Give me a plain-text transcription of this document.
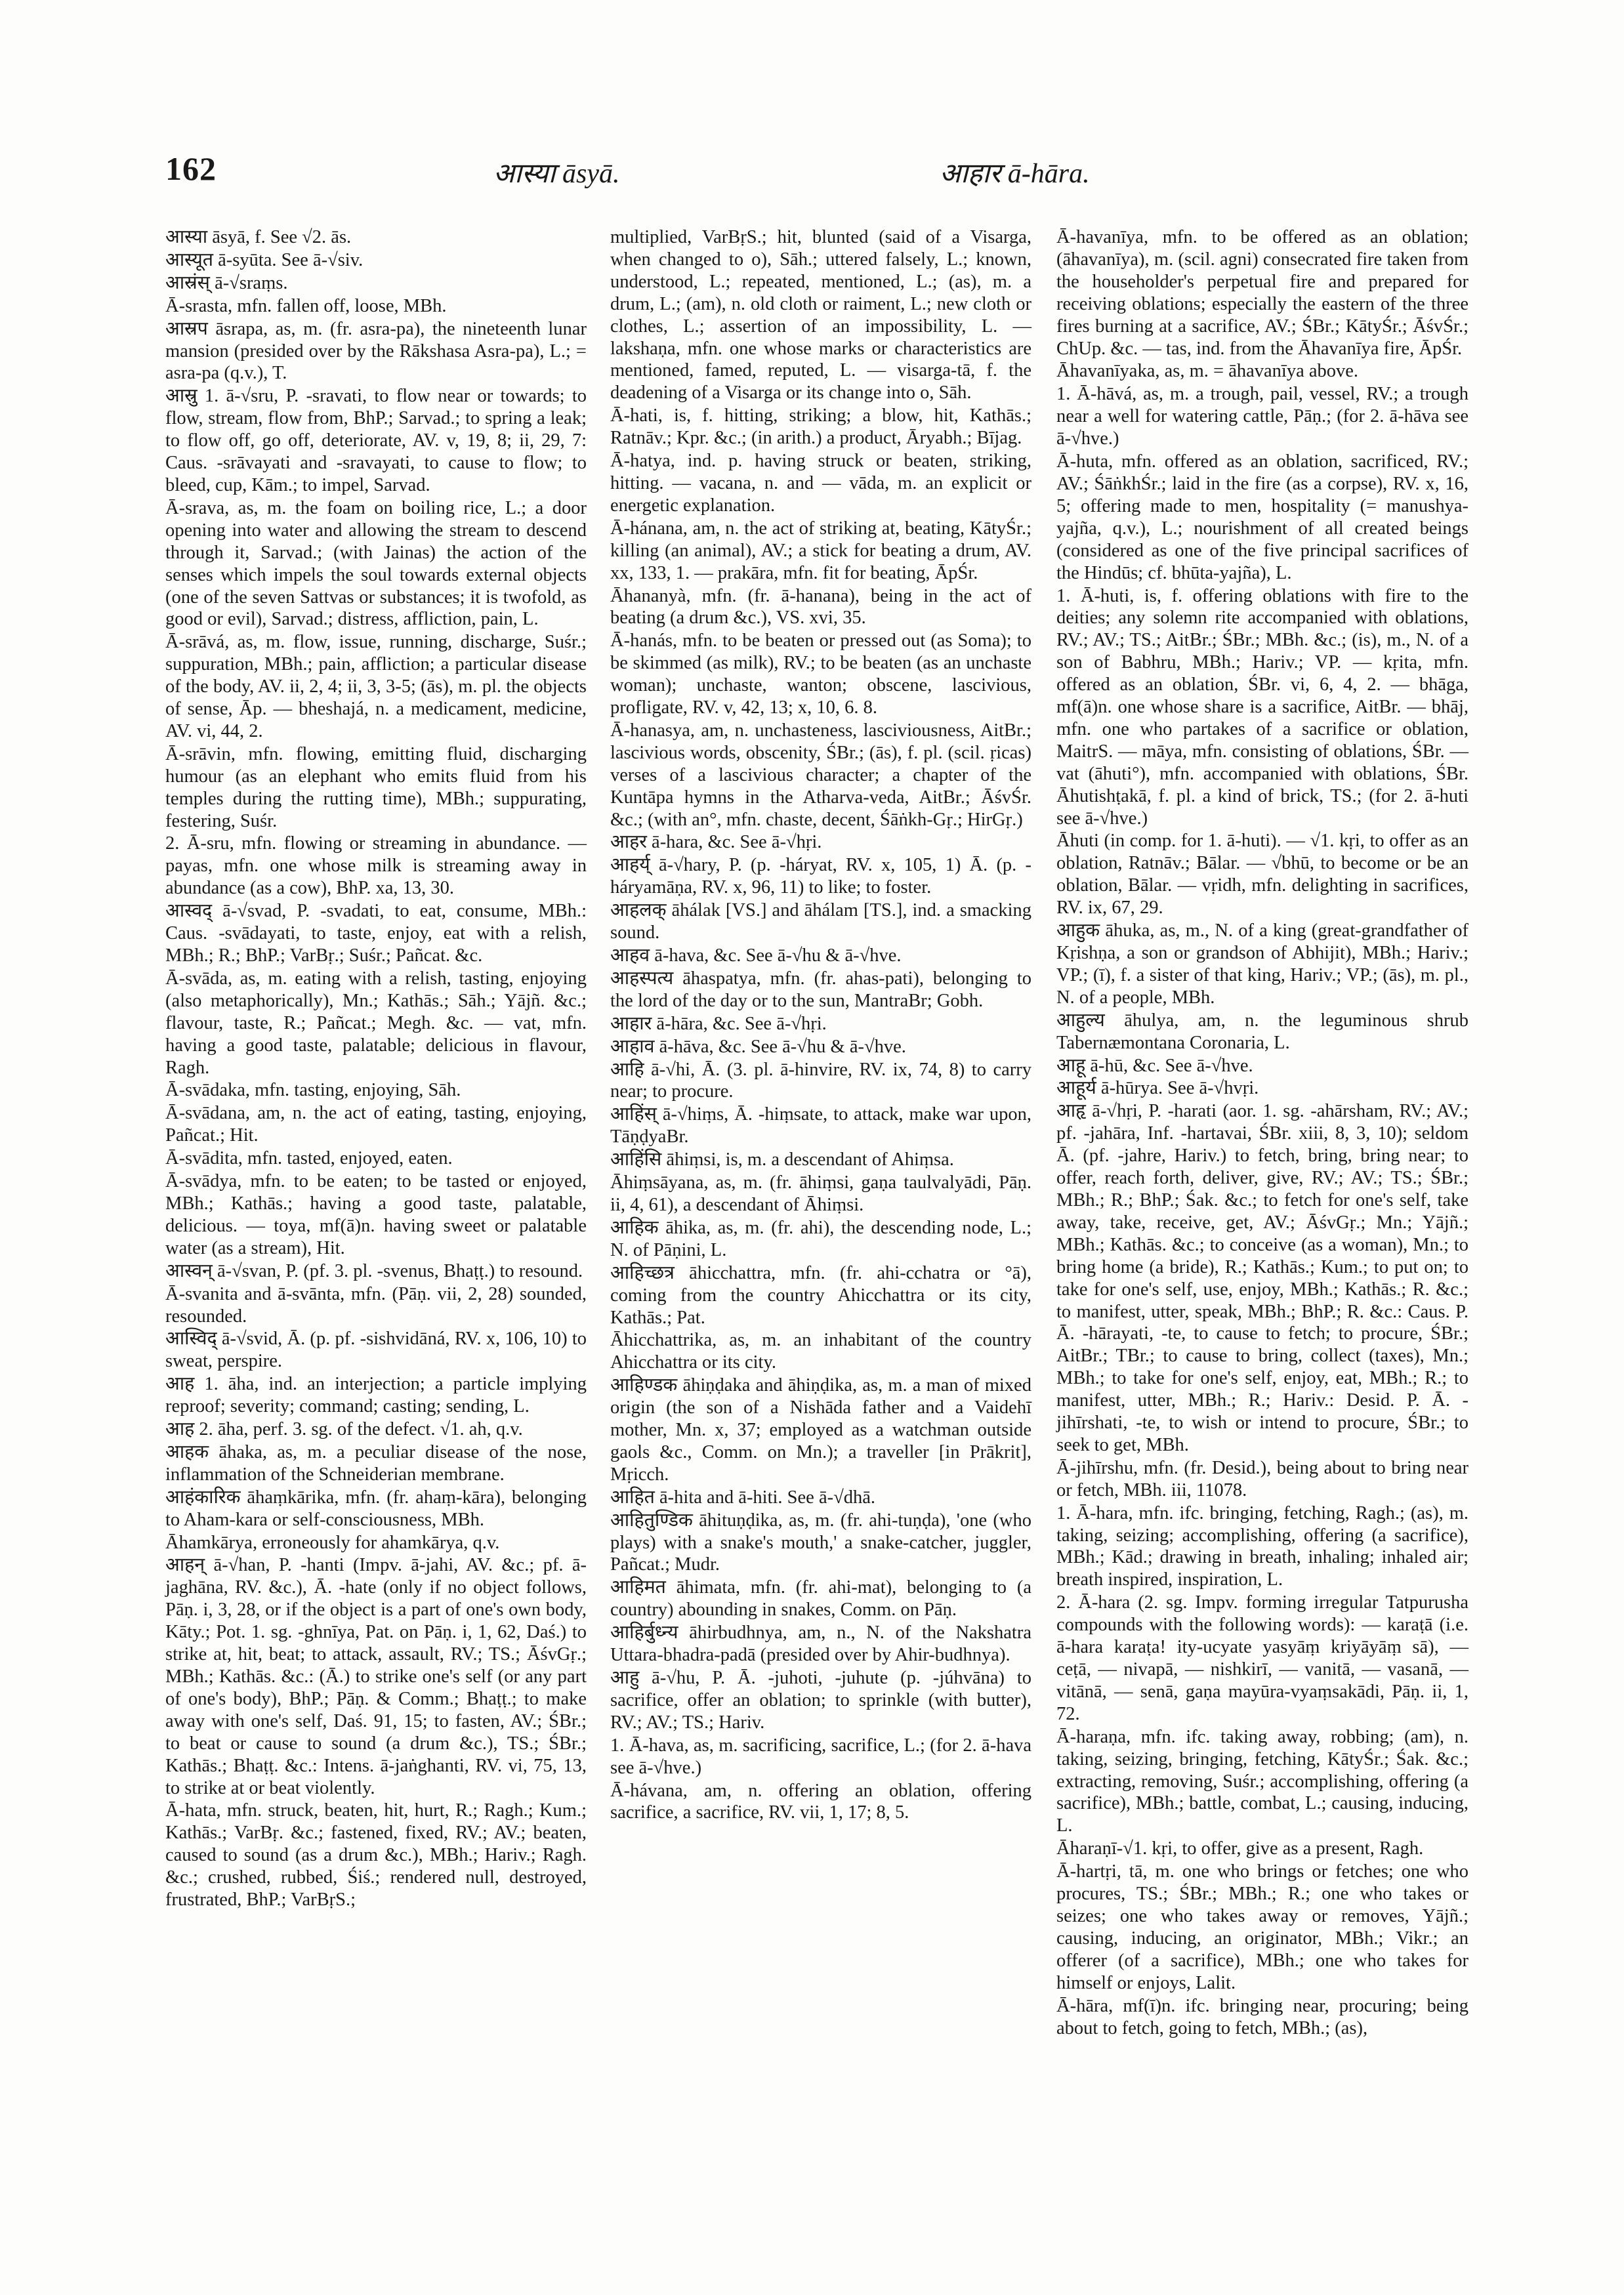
162	आस्या āsyā.	आहार ā-hāra.

आस्या āsyā, f. See √2. ās.

आस्यूत ā-syūta. See ā-√siv.

आस्रंस् ā-√sraṃs.

Ā-srasta, mfn. fallen off, loose, MBh.

आस्रप āsrapa, as, m. (fr. asra-pa), the nineteenth lunar mansion (presided over by the Rākshasa Asra-pa), L.; = asra-pa (q.v.), T.

आस्रु 1. ā-√sru, P. -sravati, to flow near or towards; to flow, stream, flow from, BhP.; Sarvad.; to spring a leak; to flow off, go off, deteriorate, AV. v, 19, 8; ii, 29, 7: Caus. -srāvayati and -sravayati, to cause to flow; to bleed, cup, Kām.; to impel, Sarvad.

Ā-srava, as, m. the foam on boiling rice, L.; a door opening into water and allowing the stream to descend through it, Sarvad.; (with Jainas) the action of the senses which impels the soul towards external objects (one of the seven Sattvas or substances; it is twofold, as good or evil), Sarvad.; distress, affliction, pain, L.

Ā-srāvá, as, m. flow, issue, running, discharge, Suśr.; suppuration, MBh.; pain, affliction; a particular disease of the body, AV. ii, 2, 4; ii, 3, 3-5; (ās), m. pl. the objects of sense, Āp. — bheshajá, n. a medicament, medicine, AV. vi, 44, 2.

Ā-srāvin, mfn. flowing, emitting fluid, discharging humour (as an elephant who emits fluid from his temples during the rutting time), MBh.; suppurating, festering, Suśr.

2. Ā-sru, mfn. flowing or streaming in abundance. — payas, mfn. one whose milk is streaming away in abundance (as a cow), BhP. xa, 13, 30.

आस्वद् ā-√svad, P. -svadati, to eat, consume, MBh.: Caus. -svādayati, to taste, enjoy, eat with a relish, MBh.; R.; BhP.; VarBṛ.; Suśr.; Pañcat. &c.

Ā-svāda, as, m. eating with a relish, tasting, enjoying (also metaphorically), Mn.; Kathās.; Sāh.; Yājñ. &c.; flavour, taste, R.; Pañcat.; Megh. &c. — vat, mfn. having a good taste, palatable; delicious in flavour, Ragh.

Ā-svādaka, mfn. tasting, enjoying, Sāh.

Ā-svādana, am, n. the act of eating, tasting, enjoying, Pañcat.; Hit.

Ā-svādita, mfn. tasted, enjoyed, eaten.

Ā-svādya, mfn. to be eaten; to be tasted or enjoyed, MBh.; Kathās.; having a good taste, palatable, delicious. — toya, mf(ā)n. having sweet or palatable water (as a stream), Hit.

आस्वन् ā-√svan, P. (pf. 3. pl. -svenus, Bhaṭṭ.) to resound.

Ā-svanita and ā-svānta, mfn. (Pāṇ. vii, 2, 28) sounded, resounded.

आस्विद् ā-√svid, Ā. (p. pf. -sishvidāná, RV. x, 106, 10) to sweat, perspire.

आह 1. āha, ind. an interjection; a particle implying reproof; severity; command; casting; sending, L.

आह 2. āha, perf. 3. sg. of the defect. √1. ah, q.v.

आहक āhaka, as, m. a peculiar disease of the nose, inflammation of the Schneiderian membrane.

आहंकारिक āhaṃkārika, mfn. (fr. ahaṃ-kāra), belonging to Aham-kara or self-consciousness, MBh.

Āhamkārya, erroneously for ahamkārya, q.v.

आहन् ā-√han, P. -hanti (Impv. ā-jahi, AV. &c.; pf. ā-jaghāna, RV. &c.), Ā. -hate (only if no object follows, Pāṇ. i, 3, 28, or if the object is a part of one's own body, Kāty.; Pot. 1. sg. -ghnīya, Pat. on Pāṇ. i, 1, 62, Daś.) to strike at, hit, beat; to attack, assault, RV.; TS.; ĀśvGṛ.; MBh.; Kathās. &c.: (Ā.) to strike one's self (or any part of one's body), BhP.; Pāṇ. & Comm.; Bhaṭṭ.; to make away with one's self, Daś. 91, 15; to fasten, AV.; ŚBr.; to beat or cause to sound (a drum &c.), TS.; ŚBr.; Kathās.; Bhaṭṭ. &c.: Intens. ā-jaṅghanti, RV. vi, 75, 13, to strike at or beat violently.

Ā-hata, mfn. struck, beaten, hit, hurt, R.; Ragh.; Kum.; Kathās.; VarBṛ. &c.; fastened, fixed, RV.; AV.; beaten, caused to sound (as a drum &c.), MBh.; Hariv.; Ragh. &c.; crushed, rubbed, Śiś.; rendered null, destroyed, frustrated, BhP.; VarBṛS.;

multiplied, VarBṛS.; hit, blunted (said of a Visarga, when changed to o), Sāh.; uttered falsely, L.; known, understood, L.; repeated, mentioned, L.; (as), m. a drum, L.; (am), n. old cloth or raiment, L.; new cloth or clothes, L.; assertion of an impossibility, L. — lakshaṇa, mfn. one whose marks or characteristics are mentioned, famed, reputed, L. — visarga-tā, f. the deadening of a Visarga or its change into o, Sāh.

Ā-hati, is, f. hitting, striking; a blow, hit, Kathās.; Ratnāv.; Kpr. &c.; (in arith.) a product, Āryabh.; Bījag.

Ā-hatya, ind. p. having struck or beaten, striking, hitting. — vacana, n. and — vāda, m. an explicit or energetic explanation.

Ā-hánana, am, n. the act of striking at, beating, KātyŚr.; killing (an animal), AV.; a stick for beating a drum, AV. xx, 133, 1. — prakāra, mfn. fit for beating, ĀpŚr.

Āhananyà, mfn. (fr. ā-hanana), being in the act of beating (a drum &c.), VS. xvi, 35.

Ā-hanás, mfn. to be beaten or pressed out (as Soma); to be skimmed (as milk), RV.; to be beaten (as an unchaste woman); unchaste, wanton; obscene, lascivious, profligate, RV. v, 42, 13; x, 10, 6. 8.

Ā-hanasya, am, n. unchasteness, lasciviousness, AitBr.; lascivious words, obscenity, ŚBr.; (ās), f. pl. (scil. ṛicas) verses of a lascivious character; a chapter of the Kuntāpa hymns in the Atharva-veda, AitBr.; ĀśvŚr. &c.; (with an°, mfn. chaste, decent, Śāṅkh-Gṛ.; HirGṛ.)

आहर ā-hara, &c. See ā-√hṛi.

आहर्य् ā-√hary, P. (p. -háryat, RV. x, 105, 1) Ā. (p. -háryamāṇa, RV. x, 96, 11) to like; to foster.

आहलक् āhálak [VS.] and āhálam [TS.], ind. a smacking sound.

आहव ā-hava, &c. See ā-√hu & ā-√hve.

आहस्पत्य āhaspatya, mfn. (fr. ahas-pati), belonging to the lord of the day or to the sun, MantraBr; Gobh.

आहार ā-hāra, &c. See ā-√hṛi.

आहाव ā-hāva, &c. See ā-√hu & ā-√hve.

आहि ā-√hi, Ā. (3. pl. ā-hinvire, RV. ix, 74, 8) to carry near; to procure.

आहिंस् ā-√hiṃs, Ā. -hiṃsate, to attack, make war upon, TāṇḍyaBr.

आहिंसि āhiṃsi, is, m. a descendant of Ahiṃsa.

Āhiṃsāyana, as, m. (fr. āhiṃsi, gaṇa taulvalyādi, Pāṇ. ii, 4, 61), a descendant of Āhiṃsi.

आहिक āhika, as, m. (fr. ahi), the descending node, L.; N. of Pāṇini, L.

आहिच्छत्र āhicchattra, mfn. (fr. ahi-cchatra or °ā), coming from the country Ahicchattra or its city, Kathās.; Pat.

Āhicchattrika, as, m. an inhabitant of the country Ahicchattra or its city.

आहिण्डक āhiṇḍaka and āhiṇḍika, as, m. a man of mixed origin (the son of a Nishāda father and a Vaidehī mother, Mn. x, 37; employed as a watchman outside gaols &c., Comm. on Mn.); a traveller [in Prākrit], Mṛicch.

आहित ā-hita and ā-hiti. See ā-√dhā.

आहितुण्डिक āhituṇḍika, as, m. (fr. ahi-tuṇḍa), 'one (who plays) with a snake's mouth,' a snake-catcher, juggler, Pañcat.; Mudr.

आहिमत āhimata, mfn. (fr. ahi-mat), belonging to (a country) abounding in snakes, Comm. on Pāṇ.

आहिर्बुध्न्य āhirbudhnya, am, n., N. of the Nakshatra Uttara-bhadra-padā (presided over by Ahir-budhnya).

आहु ā-√hu, P. Ā. -juhoti, -juhute (p. -júhvāna) to sacrifice, offer an oblation; to sprinkle (with butter), RV.; AV.; TS.; Hariv.

1. Ā-hava, as, m. sacrificing, sacrifice, L.; (for 2. ā-hava see ā-√hve.)

Ā-hávana, am, n. offering an oblation, offering sacrifice, a sacrifice, RV. vii, 1, 17; 8, 5.

Ā-havanīya, mfn. to be offered as an oblation; (āhavanīya), m. (scil. agni) consecrated fire taken from the householder's perpetual fire and prepared for receiving oblations; especially the eastern of the three fires burning at a sacrifice, AV.; ŚBr.; KātyŚr.; ĀśvŚr.; ChUp. &c. — tas, ind. from the Āhavanīya fire, ĀpŚr.

Āhavanīyaka, as, m. = āhavanīya above.

1. Ā-hāvá, as, m. a trough, pail, vessel, RV.; a trough near a well for watering cattle, Pāṇ.; (for 2. ā-hāva see ā-√hve.)

Ā-huta, mfn. offered as an oblation, sacrificed, RV.; AV.; ŚāṅkhŚr.; laid in the fire (as a corpse), RV. x, 16, 5; offering made to men, hospitality (= manushya-yajña, q.v.), L.; nourishment of all created beings (considered as one of the five principal sacrifices of the Hindūs; cf. bhūta-yajña), L.

1. Ā-huti, is, f. offering oblations with fire to the deities; any solemn rite accompanied with oblations, RV.; AV.; TS.; AitBr.; ŚBr.; MBh. &c.; (is), m., N. of a son of Babhru, MBh.; Hariv.; VP. — kṛita, mfn. offered as an oblation, ŚBr. vi, 6, 4, 2. — bhāga, mf(ā)n. one whose share is a sacrifice, AitBr. — bhāj, mfn. one who partakes of a sacrifice or oblation, MaitrS. — māya, mfn. consisting of oblations, ŚBr. — vat (āhuti°), mfn. accompanied with oblations, ŚBr. Āhutishṭakā, f. pl. a kind of brick, TS.; (for 2. ā-huti see ā-√hve.)

Āhuti (in comp. for 1. ā-huti). — √1. kṛi, to offer as an oblation, Ratnāv.; Bālar. — √bhū, to become or be an oblation, Bālar. — vṛidh, mfn. delighting in sacrifices, RV. ix, 67, 29.

आहुक āhuka, as, m., N. of a king (great-grandfather of Kṛishṇa, a son or grandson of Abhijit), MBh.; Hariv.; VP.; (ī), f. a sister of that king, Hariv.; VP.; (ās), m. pl., N. of a people, MBh.

आहुल्य āhulya, am, n. the leguminous shrub Tabernæmontana Coronaria, L.

आहू ā-hū, &c. See ā-√hve.

आहूर्य ā-hūrya. See ā-√hvṛi.

आहृ ā-√hṛi, P. -harati (aor. 1. sg. -ahārsham, RV.; AV.; pf. -jahāra, Inf. -hartavai, ŚBr. xiii, 8, 3, 10); seldom Ā. (pf. -jahre, Hariv.) to fetch, bring, bring near; to offer, reach forth, deliver, give, RV.; AV.; TS.; ŚBr.; MBh.; R.; BhP.; Śak. &c.; to fetch for one's self, take away, take, receive, get, AV.; ĀśvGṛ.; Mn.; Yājñ.; MBh.; Kathās. &c.; to conceive (as a woman), Mn.; to bring home (a bride), R.; Kathās.; Kum.; to put on; to take for one's self, use, enjoy, MBh.; Kathās.; R. &c.; to manifest, utter, speak, MBh.; BhP.; R. &c.: Caus. P. Ā. -hārayati, -te, to cause to fetch; to procure, ŚBr.; AitBr.; TBr.; to cause to bring, collect (taxes), Mn.; MBh.; to take for one's self, enjoy, eat, MBh.; R.; to manifest, utter, MBh.; R.; Hariv.: Desid. P. Ā. -jihīrshati, -te, to wish or intend to procure, ŚBr.; to seek to get, MBh.

Ā-jihīrshu, mfn. (fr. Desid.), being about to bring near or fetch, MBh. iii, 11078.

1. Ā-hara, mfn. ifc. bringing, fetching, Ragh.; (as), m. taking, seizing; accomplishing, offering (a sacrifice), MBh.; Kād.; drawing in breath, inhaling; inhaled air; breath inspired, inspiration, L.

2. Ā-hara (2. sg. Impv. forming irregular Tatpurusha compounds with the following words): — karaṭā (i.e. ā-hara karaṭa! ity-ucyate yasyāṃ kriyāyāṃ sā), — ceṭā, — nivapā, — nishkirī, — vanitā, — vasanā, — vitānā, — senā, gaṇa mayūra-vyaṃsakādi, Pāṇ. ii, 1, 72.

Ā-haraṇa, mfn. ifc. taking away, robbing; (am), n. taking, seizing, bringing, fetching, KātyŚr.; Śak. &c.; extracting, removing, Suśr.; accomplishing, offering (a sacrifice), MBh.; battle, combat, L.; causing, inducing, L.

Āharaṇī-√1. kṛi, to offer, give as a present, Ragh.

Ā-hartṛi, tā, m. one who brings or fetches; one who procures, TS.; ŚBr.; MBh.; R.; one who takes or seizes; one who takes away or removes, Yājñ.; causing, inducing, an originator, MBh.; Vikr.; an offerer (of a sacrifice), MBh.; one who takes for himself or enjoys, Lalit.

Ā-hāra, mf(ī)n. ifc. bringing near, procuring; being about to fetch, going to fetch, MBh.; (as),
